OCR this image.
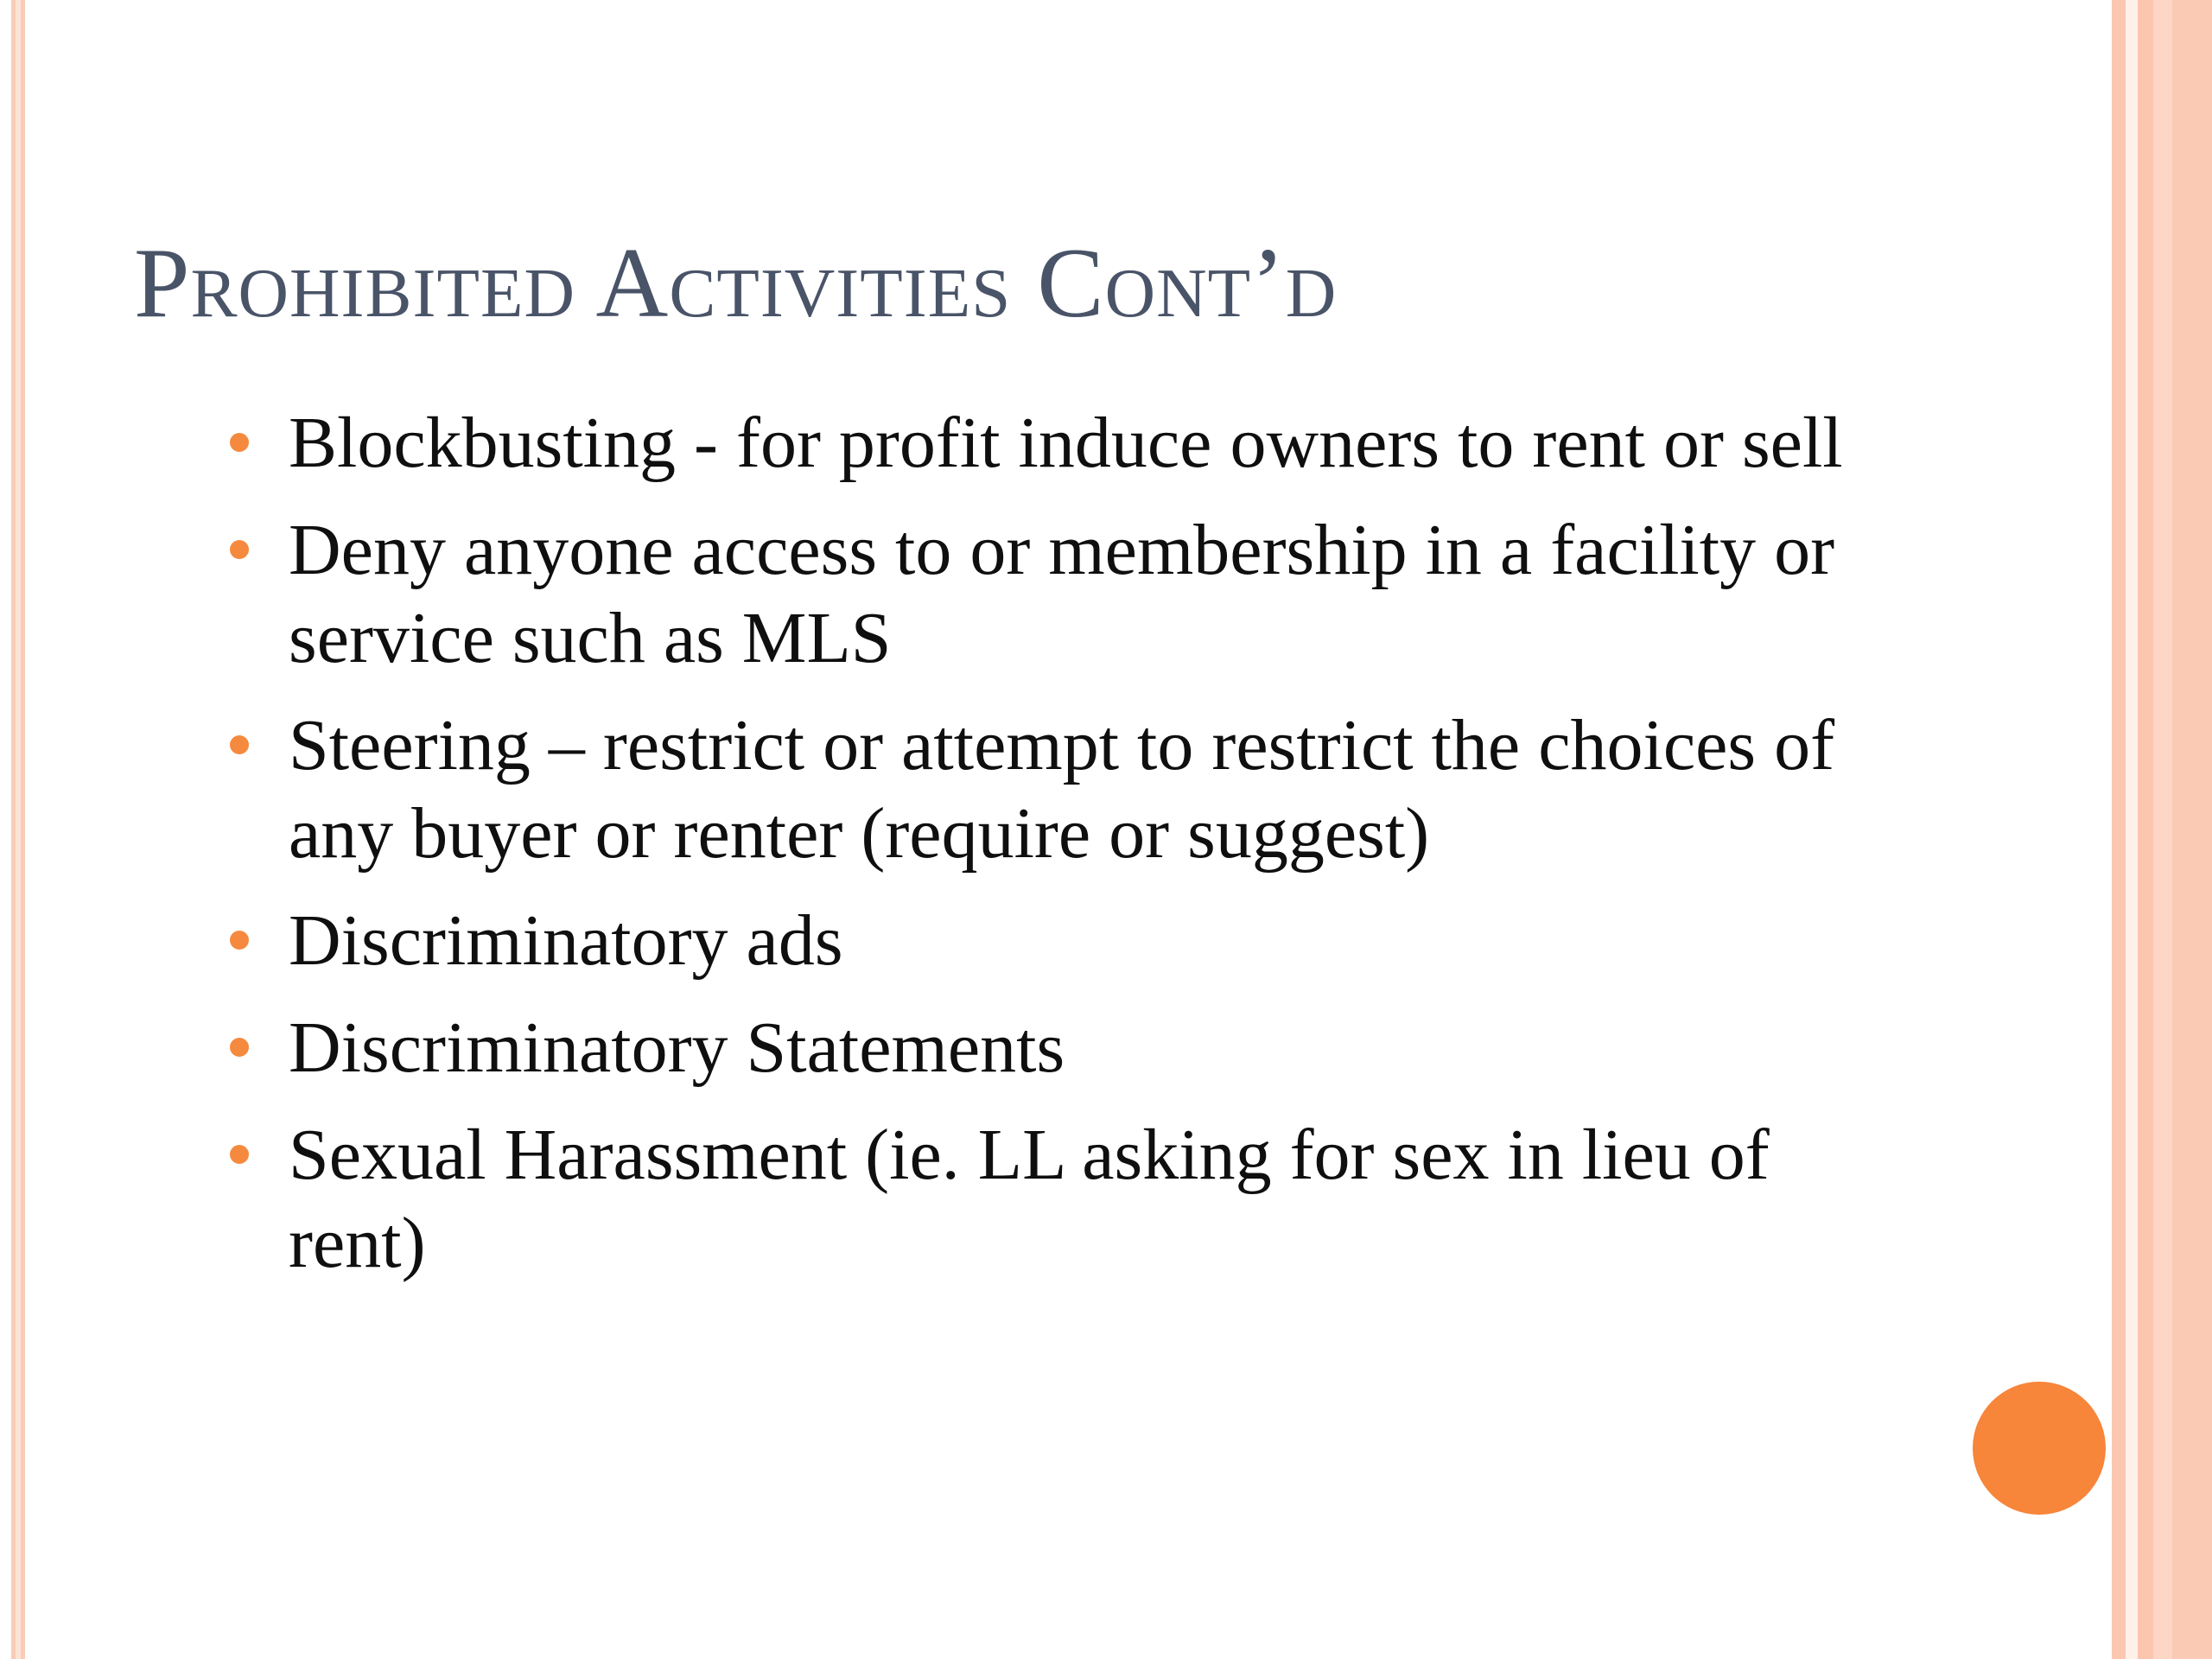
Prohibited Activities Cont’d
Blockbusting - for profit induce owners to rent or sell
Deny anyone access to or membership in a facility or service such as MLS
Steering – restrict or attempt to restrict the choices of any buyer or renter (require or suggest)
Discriminatory ads
Discriminatory Statements
Sexual Harassment (ie. LL asking for sex in lieu of rent)
